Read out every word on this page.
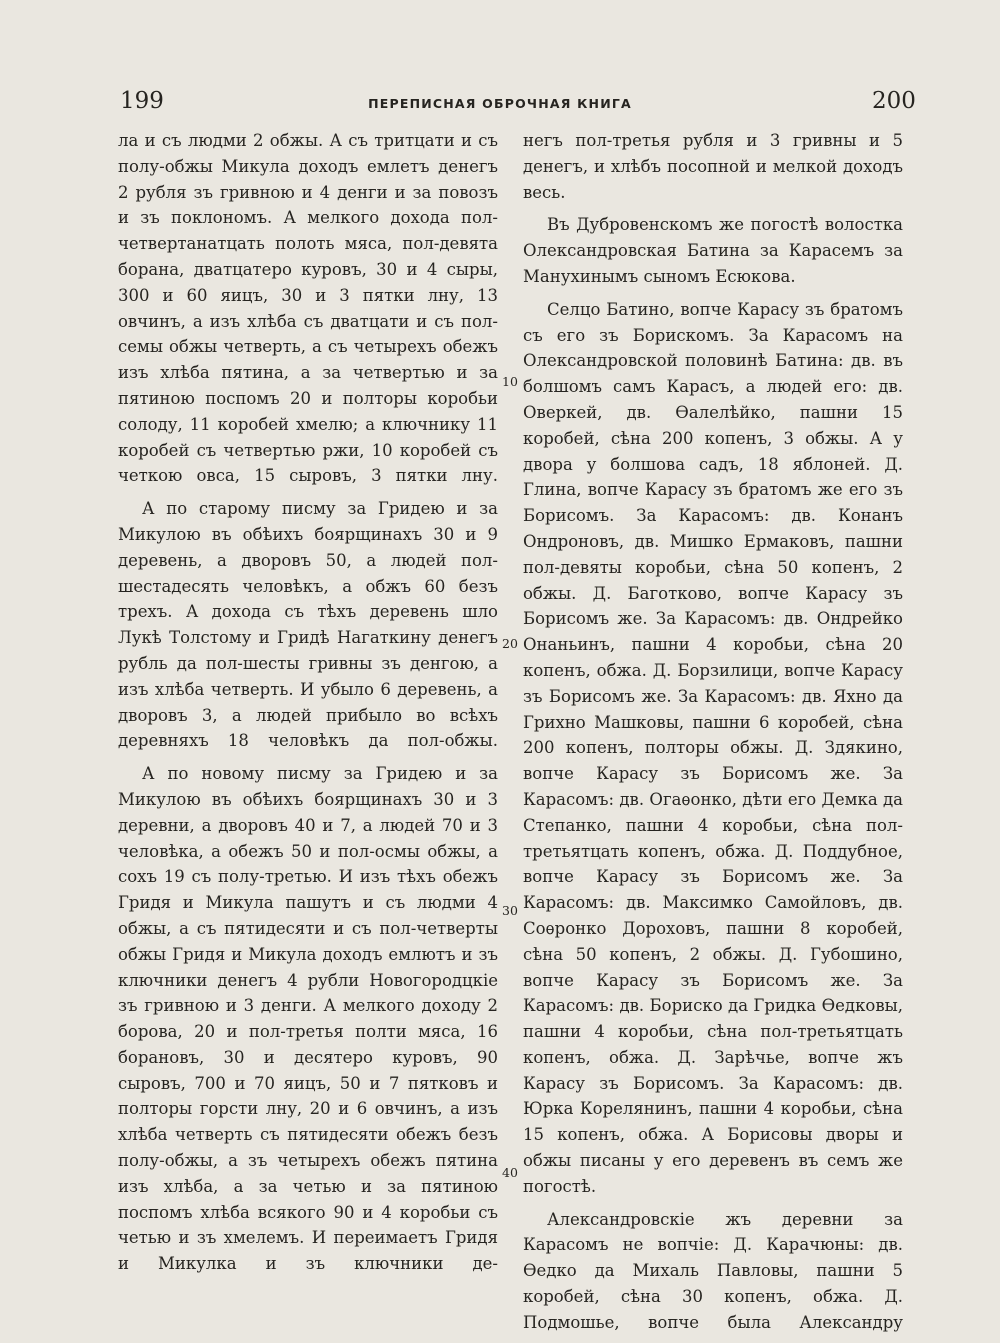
199	ПЕРЕПИСНАЯ ОБРОЧНАЯ КНИГА	200

ла и съ людми 2 обжы. А съ тритцати и съ полу-обжы Микула доходъ емлетъ денегъ 2 рубля зъ гривною и 4 денги и за повозъ и зъ поклономъ. А мелкого дохода пол-четвертанатцать полоть мяса, пол-девята борана, дватцатеро куровъ, 30 и 4 сыры, 300 и 60 яицъ, 30 и 3 пятки лну, 13 овчинъ, а изъ хлѣба съ дватцати и съ пол-семы обжы четверть, а съ четырехъ обежъ изъ хлѣба пятина, а за четвертью и за пятиною поспомъ 20 и полторы коробьи солоду, 11 коробей хмелю; а ключнику 11 коробей съ четвертью ржи, 10 коробей съ четкою овса, 15 сыровъ, 3 пятки лну.

А по старому писму за Гридею и за Микулою въ обѣихъ боярщинахъ 30 и 9 деревень, а дворовъ 50, а людей пол-шестадесять человѣкъ, а обжъ 60 безъ трехъ. А дохода съ тѣхъ деревень шло Лукѣ Толстому и Гридѣ Нагаткину денегъ рубль да пол-шесты гривны зъ денгою, а изъ хлѣба четверть. И убыло 6 деревень, а дворовъ 3, а людей прибыло во всѣхъ деревняхъ 18 человѣкъ да пол-обжы.

А по новому писму за Гридею и за Микулою въ обѣихъ боярщинахъ 30 и 3 деревни, а дворовъ 40 и 7, а людей 70 и 3 человѣка, а обежъ 50 и пол-осмы обжы, а сохъ 19 съ полу-третью. И изъ тѣхъ обежъ Гридя и Микула пашутъ и съ людми 4 обжы, а съ пятидесяти и съ пол-четверты обжы Гридя и Микула доходъ емлютъ и зъ ключники денегъ 4 рубли Новогородцкіе зъ гривною и 3 денги. А мелкого доходу 2 борова, 20 и пол-третья полти мяса, 16 борановъ, 30 и десятеро куровъ, 90 сыровъ, 700 и 70 яицъ, 50 и 7 пятковъ и полторы горсти лну, 20 и 6 овчинъ, а изъ хлѣба четверть съ пятидесяти обежъ безъ полу-обжы, а зъ четырехъ обежъ пятина изъ хлѣба, а за четью и за пятиною поспомъ хлѣба всякого 90 и 4 коробьи съ четью и зъ хмелемъ. И переимаетъ Гридя и Микулка и зъ ключники де-

10
20
30
40

негъ пол-третья рубля и 3 гривны и 5 денегъ, и хлѣбъ посопной и мелкой доходъ весь.

Въ Дубровенскомъ же погостѣ волостка Олександровская Батина за Карасемъ за Манухинымъ сыномъ Есюкова.

Селцо Батино, вопче Карасу зъ братомъ съ его зъ Борискомъ. За Карасомъ на Олександровской половинѣ Батина: дв. въ болшомъ самъ Карасъ, а людей его: дв. Оверкей, дв. Ѳалелѣйко, пашни 15 коробей, сѣна 200 копенъ, 3 обжы. А у двора у болшова садъ, 18 яблоней. Д. Глина, вопче Карасу зъ братомъ же его зъ Борисомъ. За Карасомъ: дв. Конанъ Ондроновъ, дв. Мишко Ермаковъ, пашни пол-девяты коробьи, сѣна 50 копенъ, 2 обжы. Д. Баготково, вопче Карасу зъ Борисомъ же. За Карасомъ: дв. Ондрейко Онаньинъ, пашни 4 коробьи, сѣна 20 копенъ, обжа. Д. Борзилици, вопче Карасу зъ Борисомъ же. За Карасомъ: дв. Яхно да Грихно Машковы, пашни 6 коробей, сѣна 200 копенъ, полторы обжы. Д. Здякино, вопче Карасу зъ Борисомъ же. За Карасомъ: дв. Огаѳонко, дѣти его Демка да Степанко, пашни 4 коробьи, сѣна пол-третьятцать копенъ, обжа. Д. Поддубное, вопче Карасу зъ Борисомъ же. За Карасомъ: дв. Максимко Самойловъ, дв. Соѳронко Дороховъ, пашни 8 коробей, сѣна 50 копенъ, 2 обжы. Д. Губошино, вопче Карасу зъ Борисомъ же. За Карасомъ: дв. Бориско да Гридка Ѳедковы, пашни 4 коробьи, сѣна пол-третьятцать копенъ, обжа. Д. Зарѣчье, вопче жъ Карасу зъ Борисомъ. За Карасомъ: дв. Юрка Корелянинъ, пашни 4 коробьи, сѣна 15 копенъ, обжа. А Борисовы дворы и обжы писаны у его деревенъ въ семъ же погостѣ.

Александровскіе жъ деревни за Карасомъ не вопчіе: Д. Карачюны: дв. Ѳедко да Михаль Павловы, пашни 5 коробей, сѣна 30 копенъ, обжа. Д. Подмошье, вопче была Александру
